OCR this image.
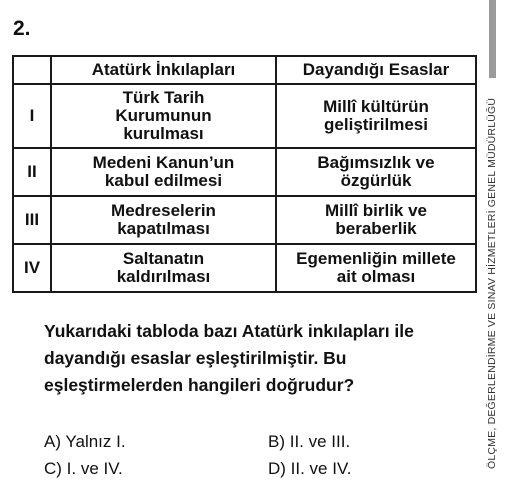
2.
	Atatürk İnkılapları	Dayandığı Esaslar
I	Türk Tarih Kurumunun kurulması	Millî kültürün geliştirilmesi
II	Medeni Kanun’un kabul edilmesi	Bağımsızlık ve özgürlük
III	Medreselerin kapatılması	Millî birlik ve beraberlik
IV	Saltanatın kaldırılması	Egemenliğin millete ait olması
Yukarıdaki tabloda bazı Atatürk inkılapları ile dayandığı esaslar eşleştirilmiştir. Bu eşleştirmelerden hangileri doğrudur?
A) Yalnız I.	B) II. ve III.
C) I. ve IV.	D) II. ve IV.	ÖLÇME, DEĞERLENDİRME VE SINAV HİZMETLERİ GENEL MÜDÜRLÜĞÜ
